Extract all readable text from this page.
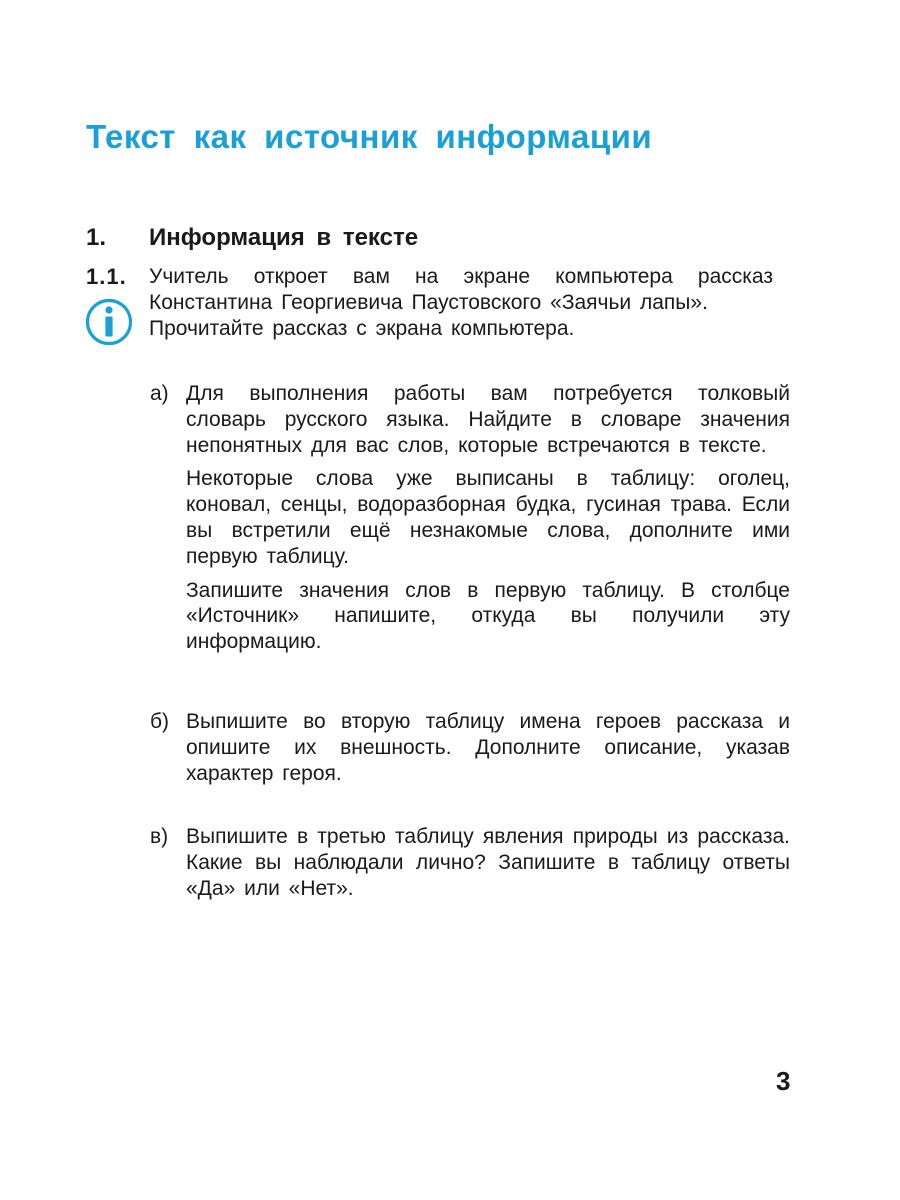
Текст как источник информации
1. Информация в тексте
1.1. Учитель откроет вам на экране компьютера рассказ Константина Георгиевича Паустовского «Заячьи лапы».
Прочитайте рассказ с экрана компьютера.
а) Для выполнения работы вам потребуется толковый словарь русского языка. Найдите в словаре значения непонятных для вас слов, которые встречаются в тексте.

Некоторые слова уже выписаны в таблицу: оголец, коновал, сенцы, водоразборная будка, гусиная трава. Если вы встретили ещё незнакомые слова, дополните ими первую таблицу.

Запишите значения слов в первую таблицу. В столбце «Источник» напишите, откуда вы получили эту информацию.

б) Выпишите во вторую таблицу имена героев рассказа и опишите их внешность. Дополните описание, указав характер героя.

в) Выпишите в третью таблицу явления природы из рассказа. Какие вы наблюдали лично? Запишите в таблицу ответы «Да» или «Нет».

3
